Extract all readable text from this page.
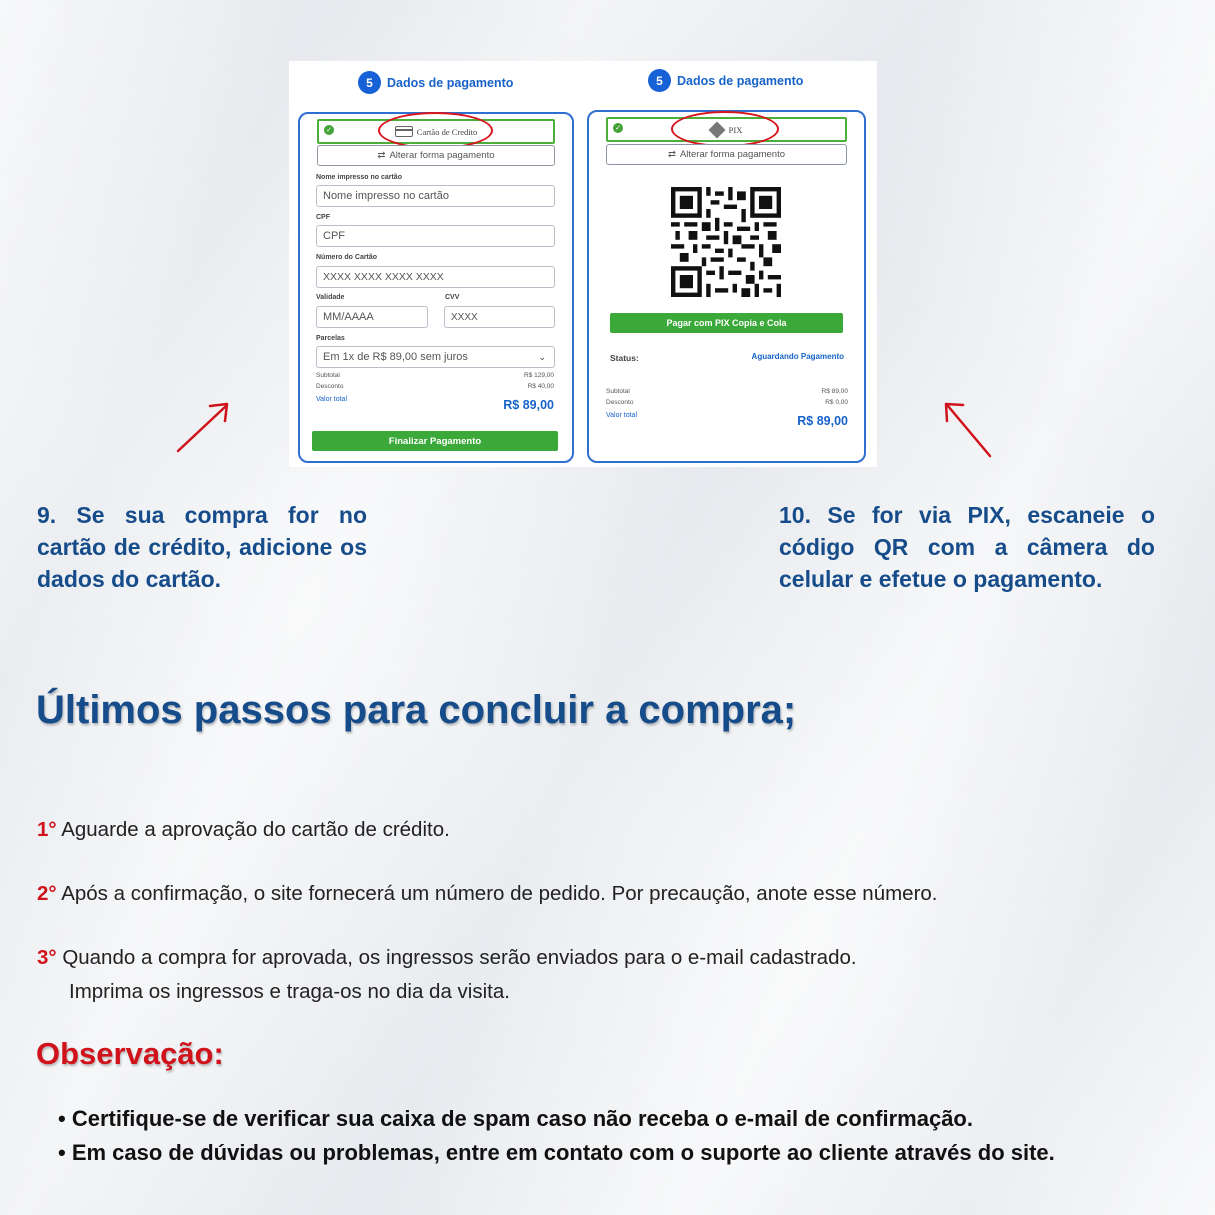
5	Dados de pagamento
✓	Cartão de Credito
⇄ Alterar forma pagamento
Nome impresso no cartão
Nome impresso no cartão
CPF
CPF
Número do Cartão
XXXX XXXX XXXX XXXX
Validade
MM/AAAA
CVV
XXXX
Parcelas
Em 1x de R$ 89,00 sem juros	⌄
Subtotal	R$ 129,00
Desconto	R$ 40,00
Valor total	R$ 89,00
Finalizar Pagamento
5	Dados de pagamento
✓	PIX
⇄ Alterar forma pagamento
Pagar com PIX Copia e Cola
Status:	Aguardando Pagamento
Subtotal	R$ 89,00
Desconto	R$ 0,00
Valor total	R$ 89,00
9. Se sua compra for no cartão de crédito, adicione os dados do cartão.
10. Se for via PIX, escaneie o código QR com a câmera do celular e efetue o pagamento.
Últimos passos para concluir a compra;
1° Aguarde a aprovação do cartão de crédito.
2° Após a confirmação, o site fornecerá um número de pedido. Por precaução, anote esse número.
3° Quando a compra for aprovada, os ingressos serão enviados para o e-mail cadastrado.
Imprima os ingressos e traga-os no dia da visita.
Observação:
• Certifique-se de verificar sua caixa de spam caso não receba o e-mail de confirmação.
• Em caso de dúvidas ou problemas, entre em contato com o suporte ao cliente através do site.
